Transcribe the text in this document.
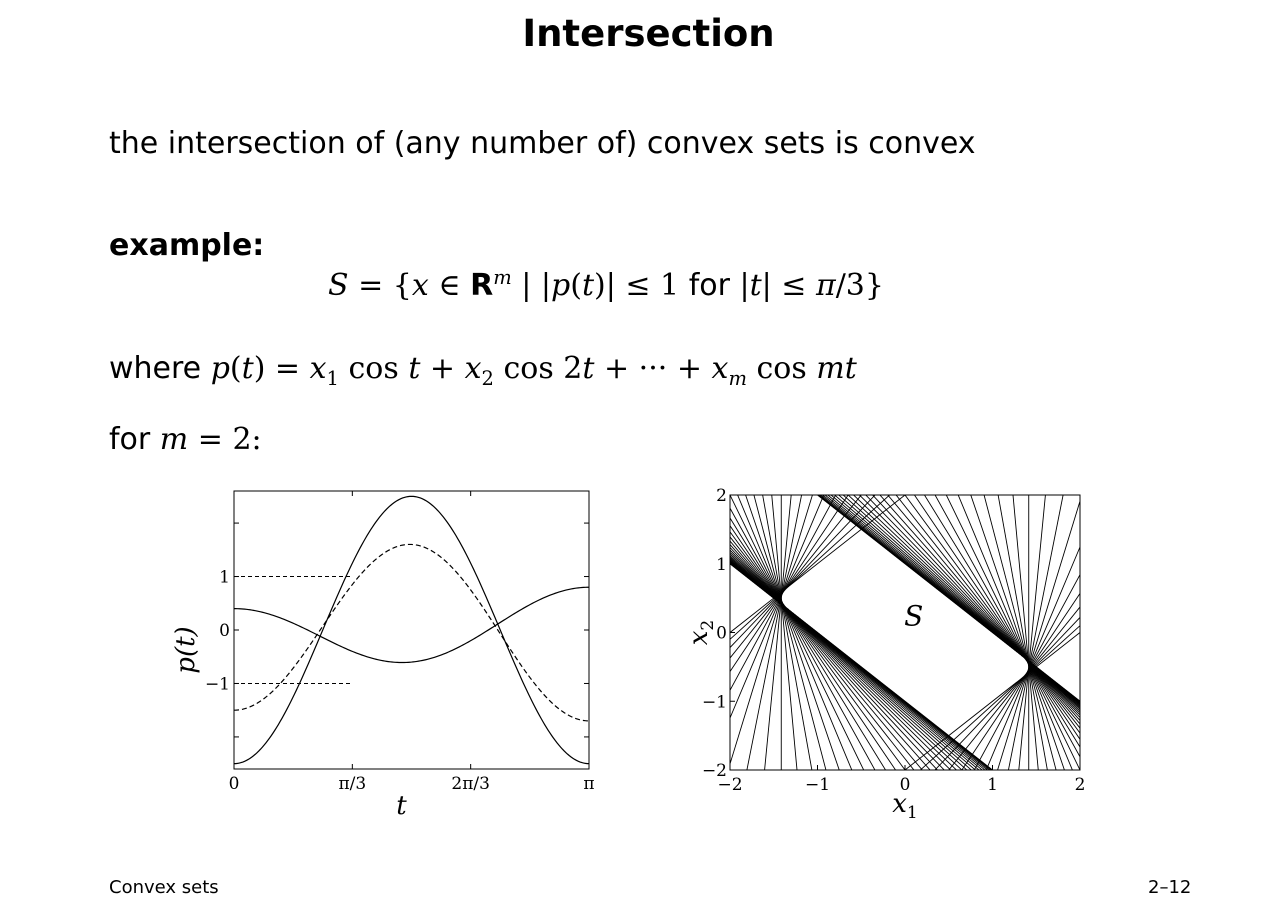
Intersection
the intersection of (any number of) convex sets is convex
example:
S = {x ∈ $R^m$ | |p(t)| ≤ 1 for |t| ≤ π/3}
where $p(t) = x_1$ $\cos t + x_2$ cos 2t + ··· + $x_m$ cos mt
for m = 2:
0	π/3	2π/3	π
1
0
−1
t
p(t)
−2	−1	0	1	2
2
1
0
−1
−2
S
$x_1$
$x_2$
Convex sets	2–12
